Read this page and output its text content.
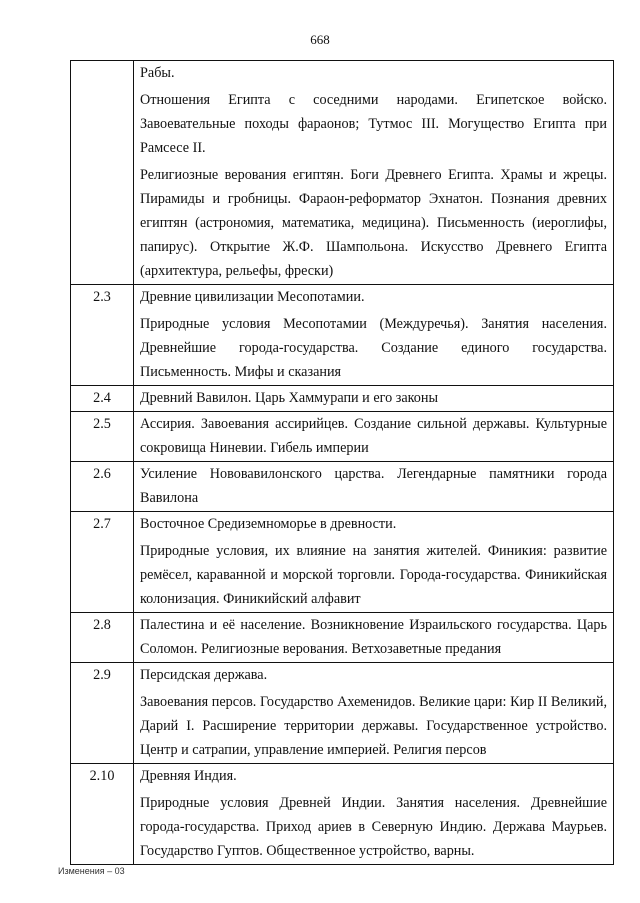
668

	Рабы.

Отношения Египта с соседними народами. Египетское войско. Завоевательные походы фараонов; Тутмос III. Могущество Египта при Рамсесе II.

Религиозные верования египтян. Боги Древнего Египта. Храмы и жрецы. Пирамиды и гробницы. Фараон-реформатор Эхнатон. Познания древних египтян (астрономия, математика, медицина). Письменность (иероглифы, папирус). Открытие Ж.Ф. Шампольона. Искусство Древнего Египта (архитектура, рельефы, фрески)

2.3	Древние цивилизации Месопотамии.

Природные условия Месопотамии (Междуречья). Занятия населения. Древнейшие города-государства. Создание единого государства. Письменность. Мифы и сказания

2.4	Древний Вавилон. Царь Хаммурапи и его законы

2.5	Ассирия. Завоевания ассирийцев. Создание сильной державы. Культурные сокровища Ниневии. Гибель империи

2.6	Усиление Нововавилонского царства. Легендарные памятники города Вавилона

2.7	Восточное Средиземноморье в древности.

Природные условия, их влияние на занятия жителей. Финикия: развитие ремёсел, караванной и морской торговли. Города-государства. Финикийская колонизация. Финикийский алфавит

2.8	Палестина и её население. Возникновение Израильского государства. Царь Соломон. Религиозные верования. Ветхозаветные предания

2.9	Персидская держава.

Завоевания персов. Государство Ахеменидов. Великие цари: Кир II Великий, Дарий I. Расширение территории державы. Государственное устройство. Центр и сатрапии, управление империей. Религия персов

2.10	Древняя Индия.

Природные условия Древней Индии. Занятия населения. Древнейшие города-государства. Приход ариев в Северную Индию. Держава Маурьев. Государство Гуптов. Общественное устройство, варны.

Изменения – 03
